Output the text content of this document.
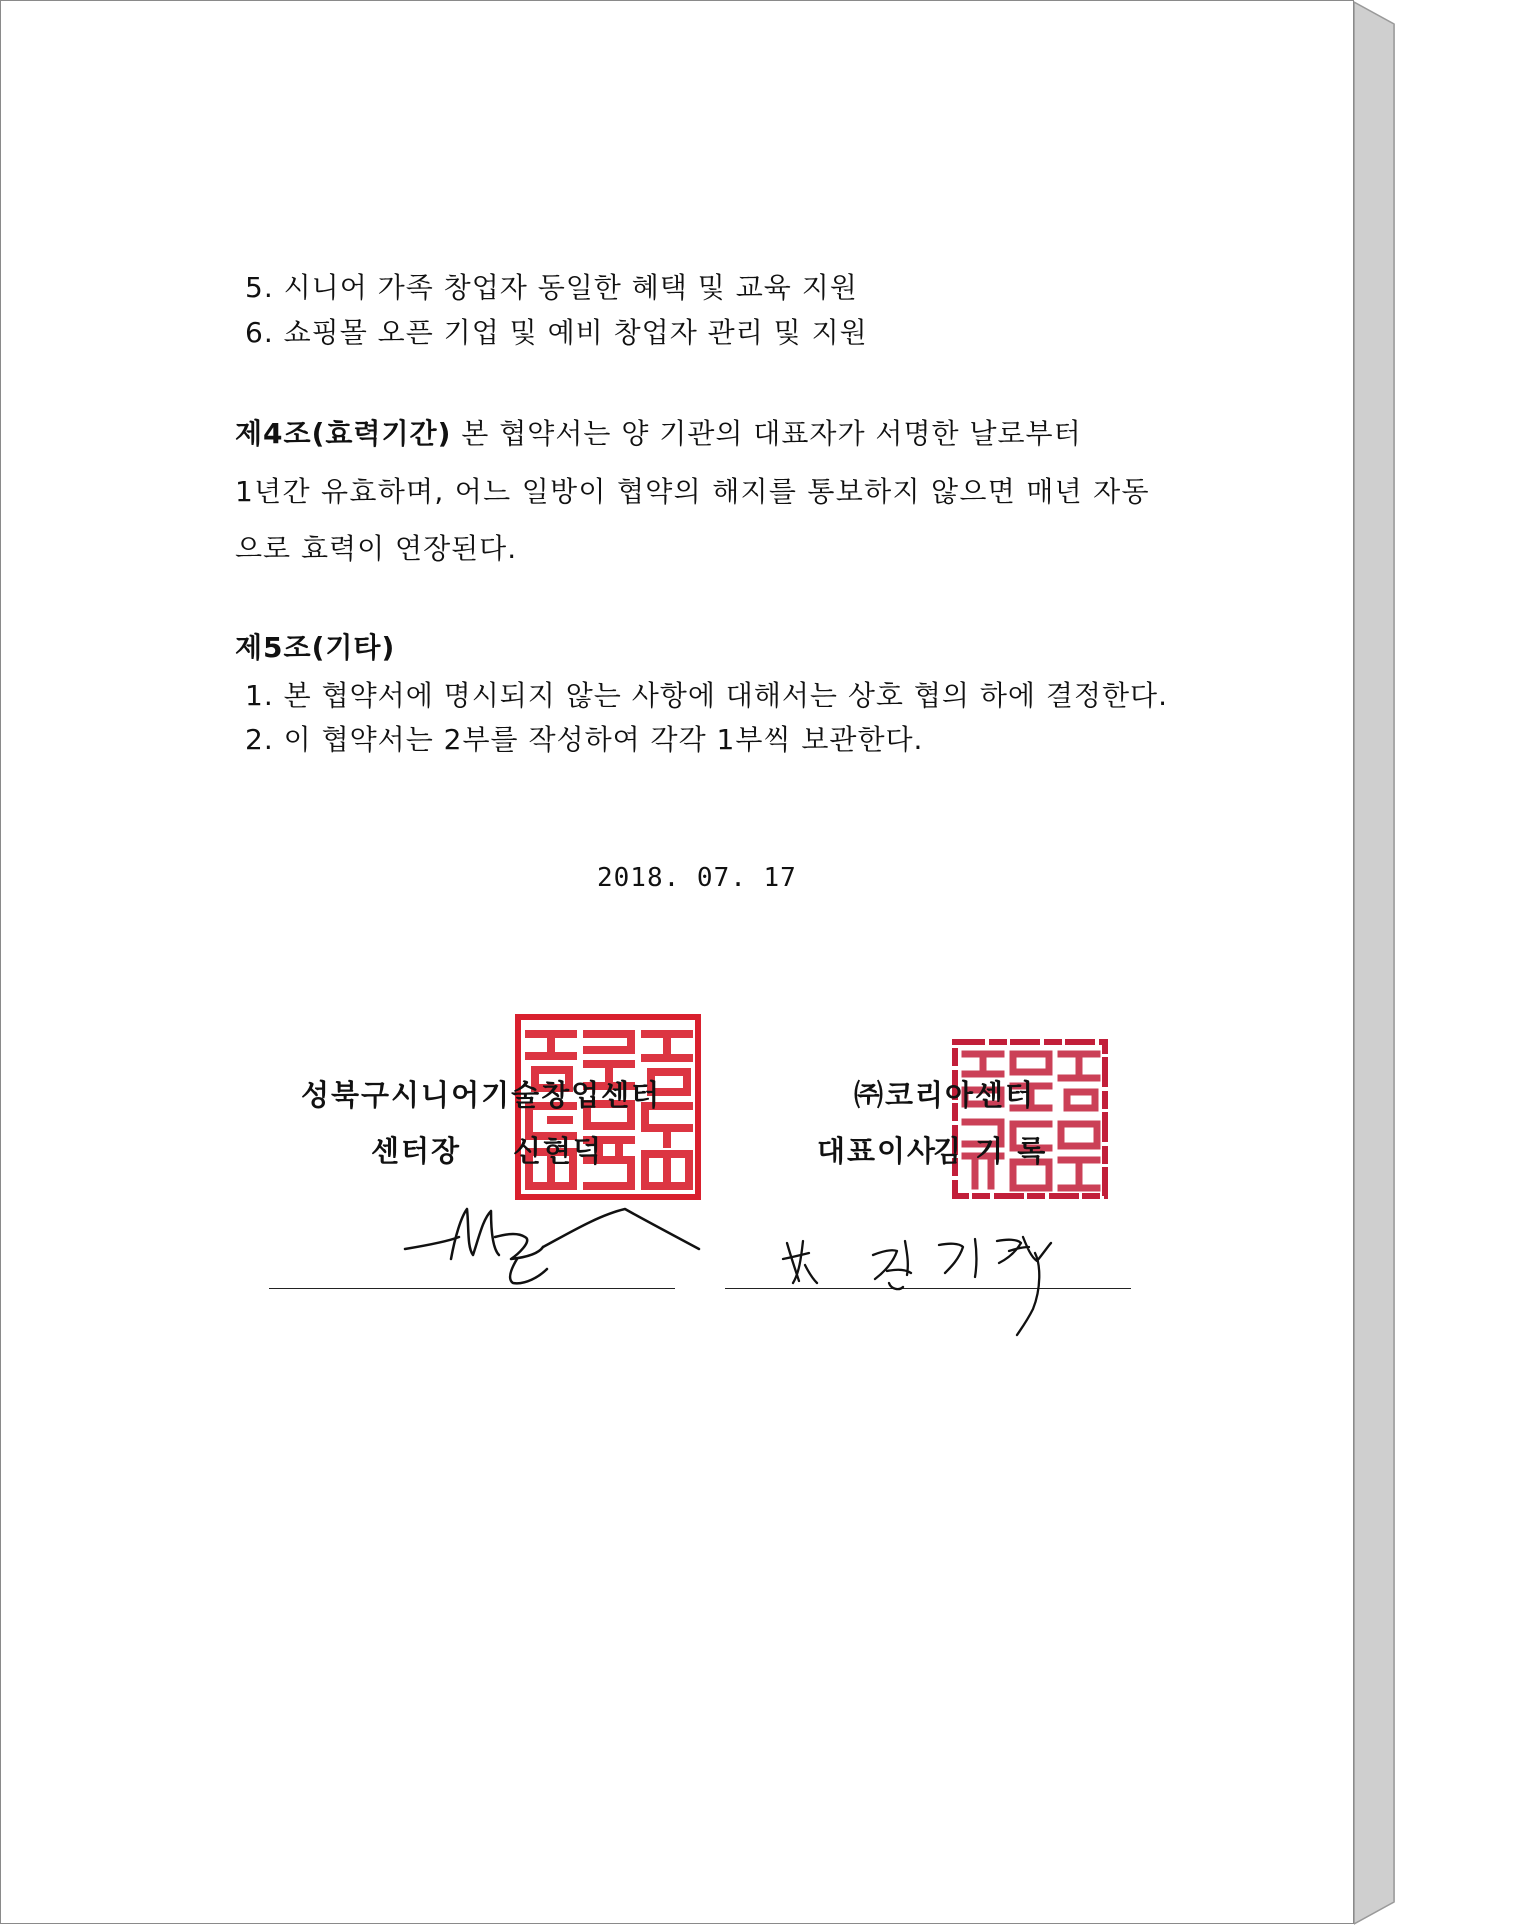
5. 시니어 가족 창업자 동일한 혜택 및 교육 지원
6. 쇼핑몰 오픈 기업 및 예비 창업자 관리 및 지원
제4조(효력기간) 본 협약서는 양 기관의 대표자가 서명한 날로부터
1년간 유효하며, 어느 일방이 협약의 해지를 통보하지 않으면 매년 자동
으로 효력이 연장된다.
제5조(기타)
1. 본 협약서에 명시되지 않는 사항에 대해서는 상호 협의 하에 결정한다.
2. 이 협약서는 2부를 작성하여 각각 1부씩 보관한다.
2018. 07. 17
성북구시니어기술창업센터
센터장 신현덕
㈜코리아센터
대표이사
김 기 록
